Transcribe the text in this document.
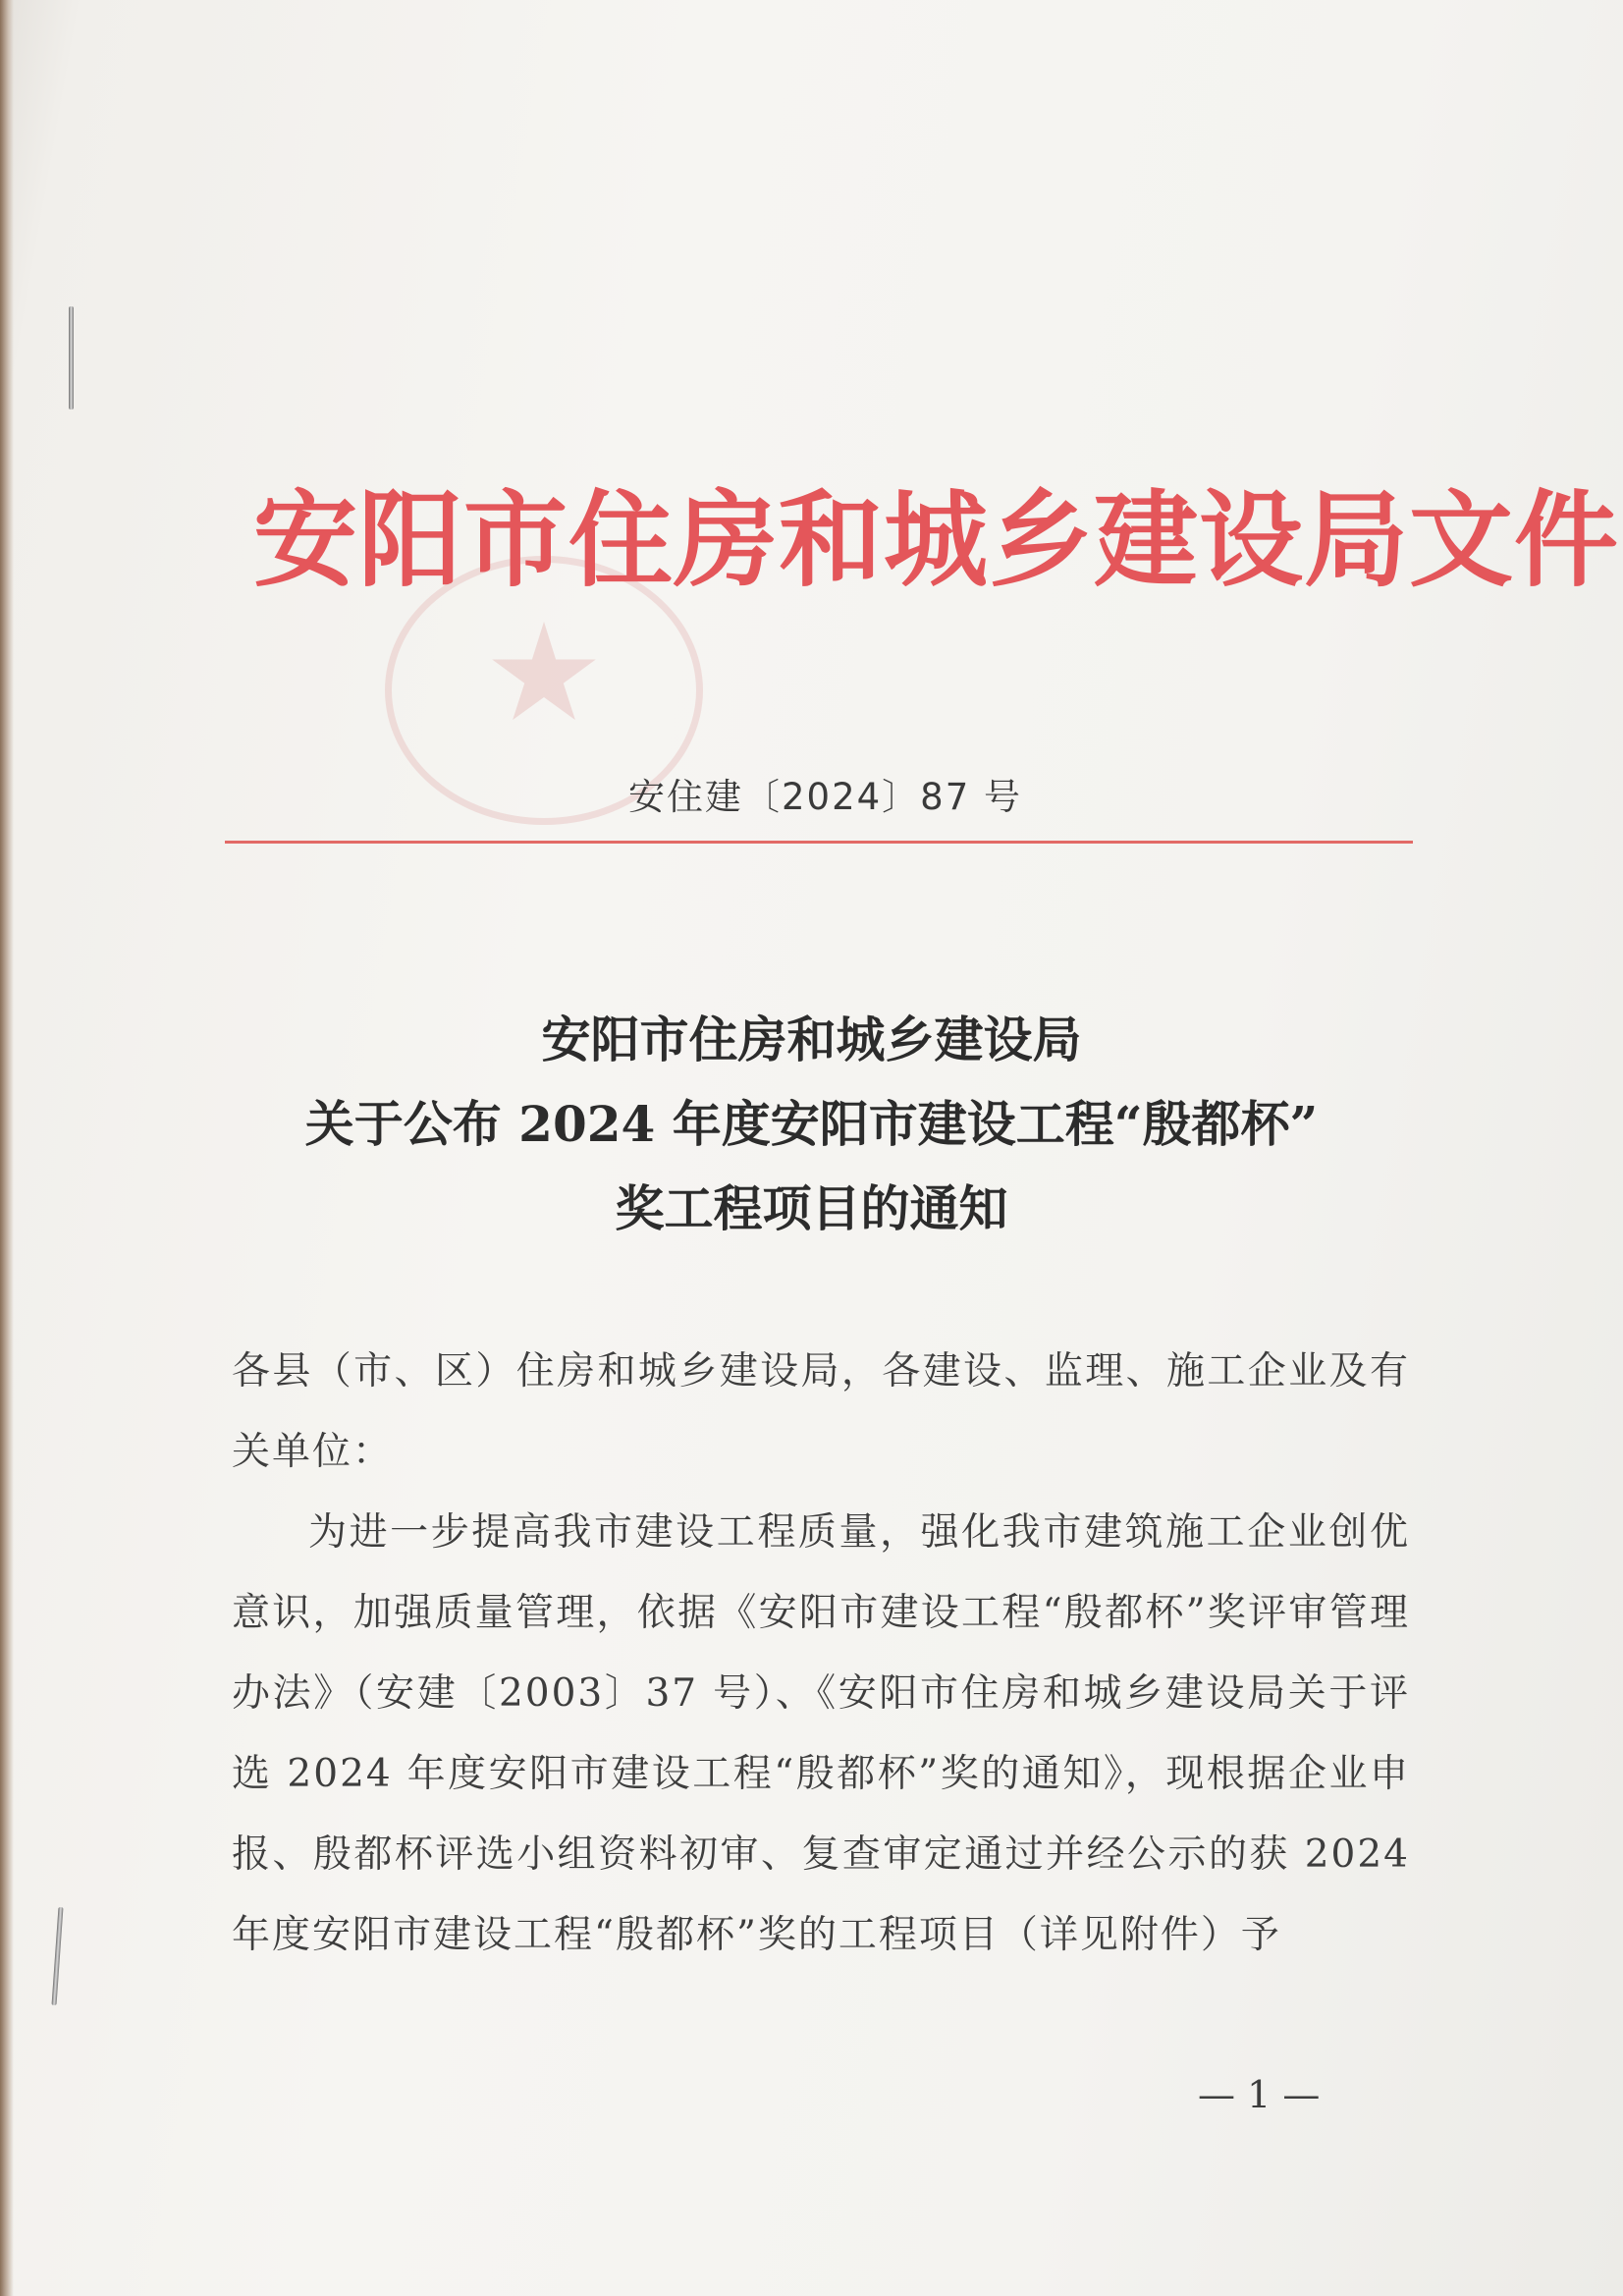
安阳市住房和城乡建设局文件
安住建〔2024〕87 号
安阳市住房和城乡建设局
关于公布 2024 年度安阳市建设工程“殷都杯”
奖工程项目的通知

各县（市、区）住房和城乡建设局，各建设、监理、施工企业及有关单位：

为进一步提高我市建设工程质量，强化我市建筑施工企业创优意识，加强质量管理，依据《安阳市建设工程“殷都杯”奖评审管理办法》（安建〔2003〕37 号）、《安阳市住房和城乡建设局关于评选 2024 年度安阳市建设工程“殷都杯”奖的通知》，现根据企业申报、殷都杯评选小组资料初审、复查审定通过并经公示的获 2024 年度安阳市建设工程“殷都杯”奖的工程项目（详见附件）予

— 1 —
